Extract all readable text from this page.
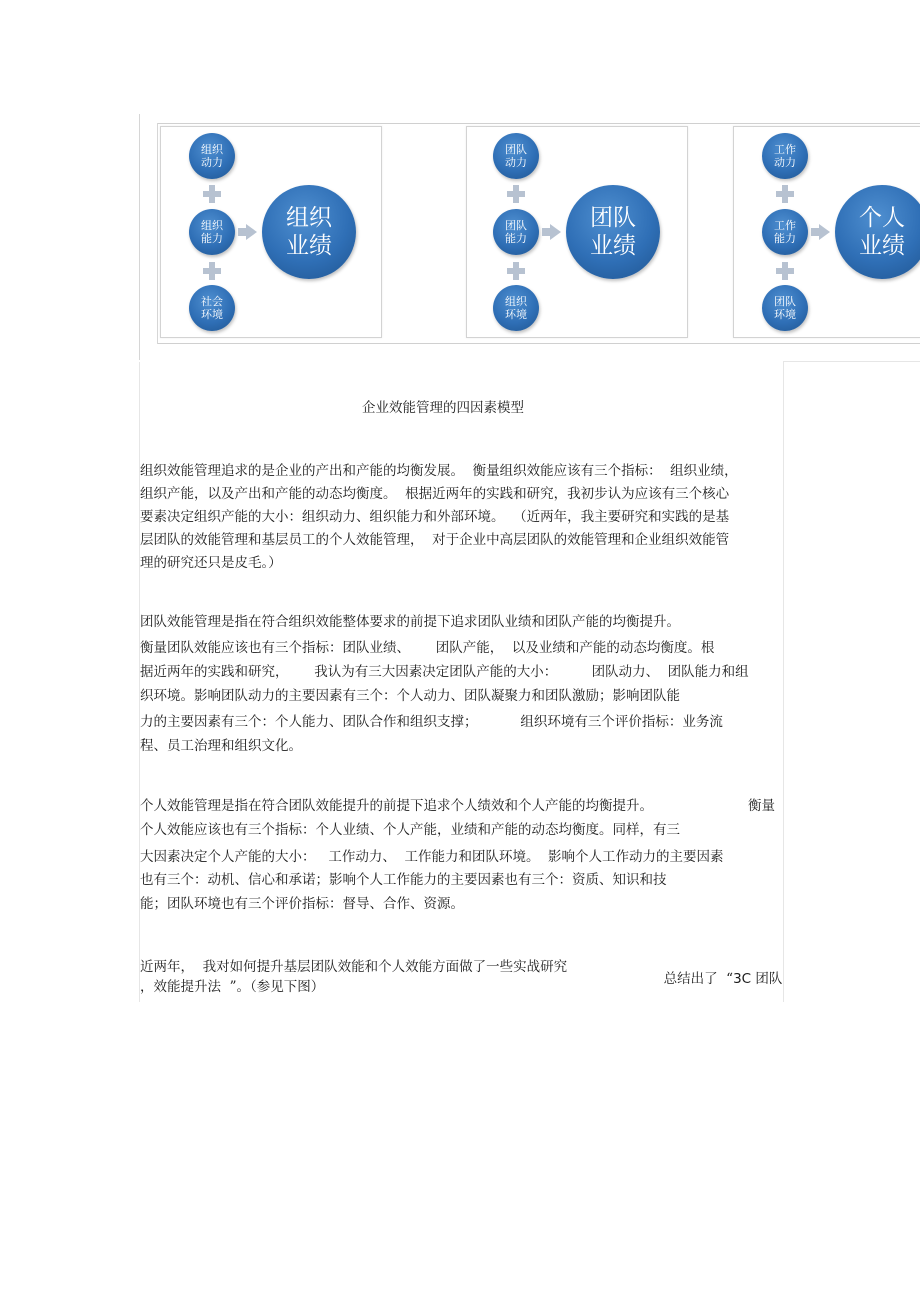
组织
动力
组织
能力
社会
环境
组织
业绩
团队
动力
团队
能力
组织
环境
团队
业绩
工作
动力
工作
能力
团队
环境
个人
业绩
企业效能管理的四因素模型
组织效能管理追求的是企业的产出和产能的均衡发展。  衡量组织效能应该有三个指标：  组织业绩，
组织产能，以及产出和产能的动态均衡度。  根据近两年的实践和研究，我初步认为应该有三个核心
要素决定组织产能的大小：组织动力、组织能力和外部环境。  （近两年，我主要研究和实践的是基
层团队的效能管理和基层员工的个人效能管理，  对于企业中高层团队的效能管理和企业组织效能管
理的研究还只是皮毛。）
团队效能管理是指在符合组织效能整体要求的前提下追求团队业绩和团队产能的均衡提升。
衡量团队效能应该也有三个指标：团队业绩、      团队产能，  以及业绩和产能的动态均衡度。根
据近两年的实践和研究，      我认为有三大因素决定团队产能的大小：        团队动力、  团队能力和组
织环境。影响团队动力的主要因素有三个：个人动力、团队凝聚力和团队激励；影响团队能
力的主要因素有三个：个人能力、团队合作和组织支撑；          组织环境有三个评价指标：业务流
程、员工治理和组织文化。
个人效能管理是指在符合团队效能提升的前提下追求个人绩效和个人产能的均衡提升。	衡量
个人效能应该也有三个指标：个人业绩、个人产能，业绩和产能的动态均衡度。同样，有三
大因素决定个人产能的大小：   工作动力、  工作能力和团队环境。  影响个人工作动力的主要因素
也有三个：动机、信心和承诺；影响个人工作能力的主要因素也有三个：资质、知识和技
能；团队环境也有三个评价指标：督导、合作、资源。
近两年，  我对如何提升基层团队效能和个人效能方面做了一些实战研究

总结出了  “3C 团队

，效能提升法  ”。（参见下图）
